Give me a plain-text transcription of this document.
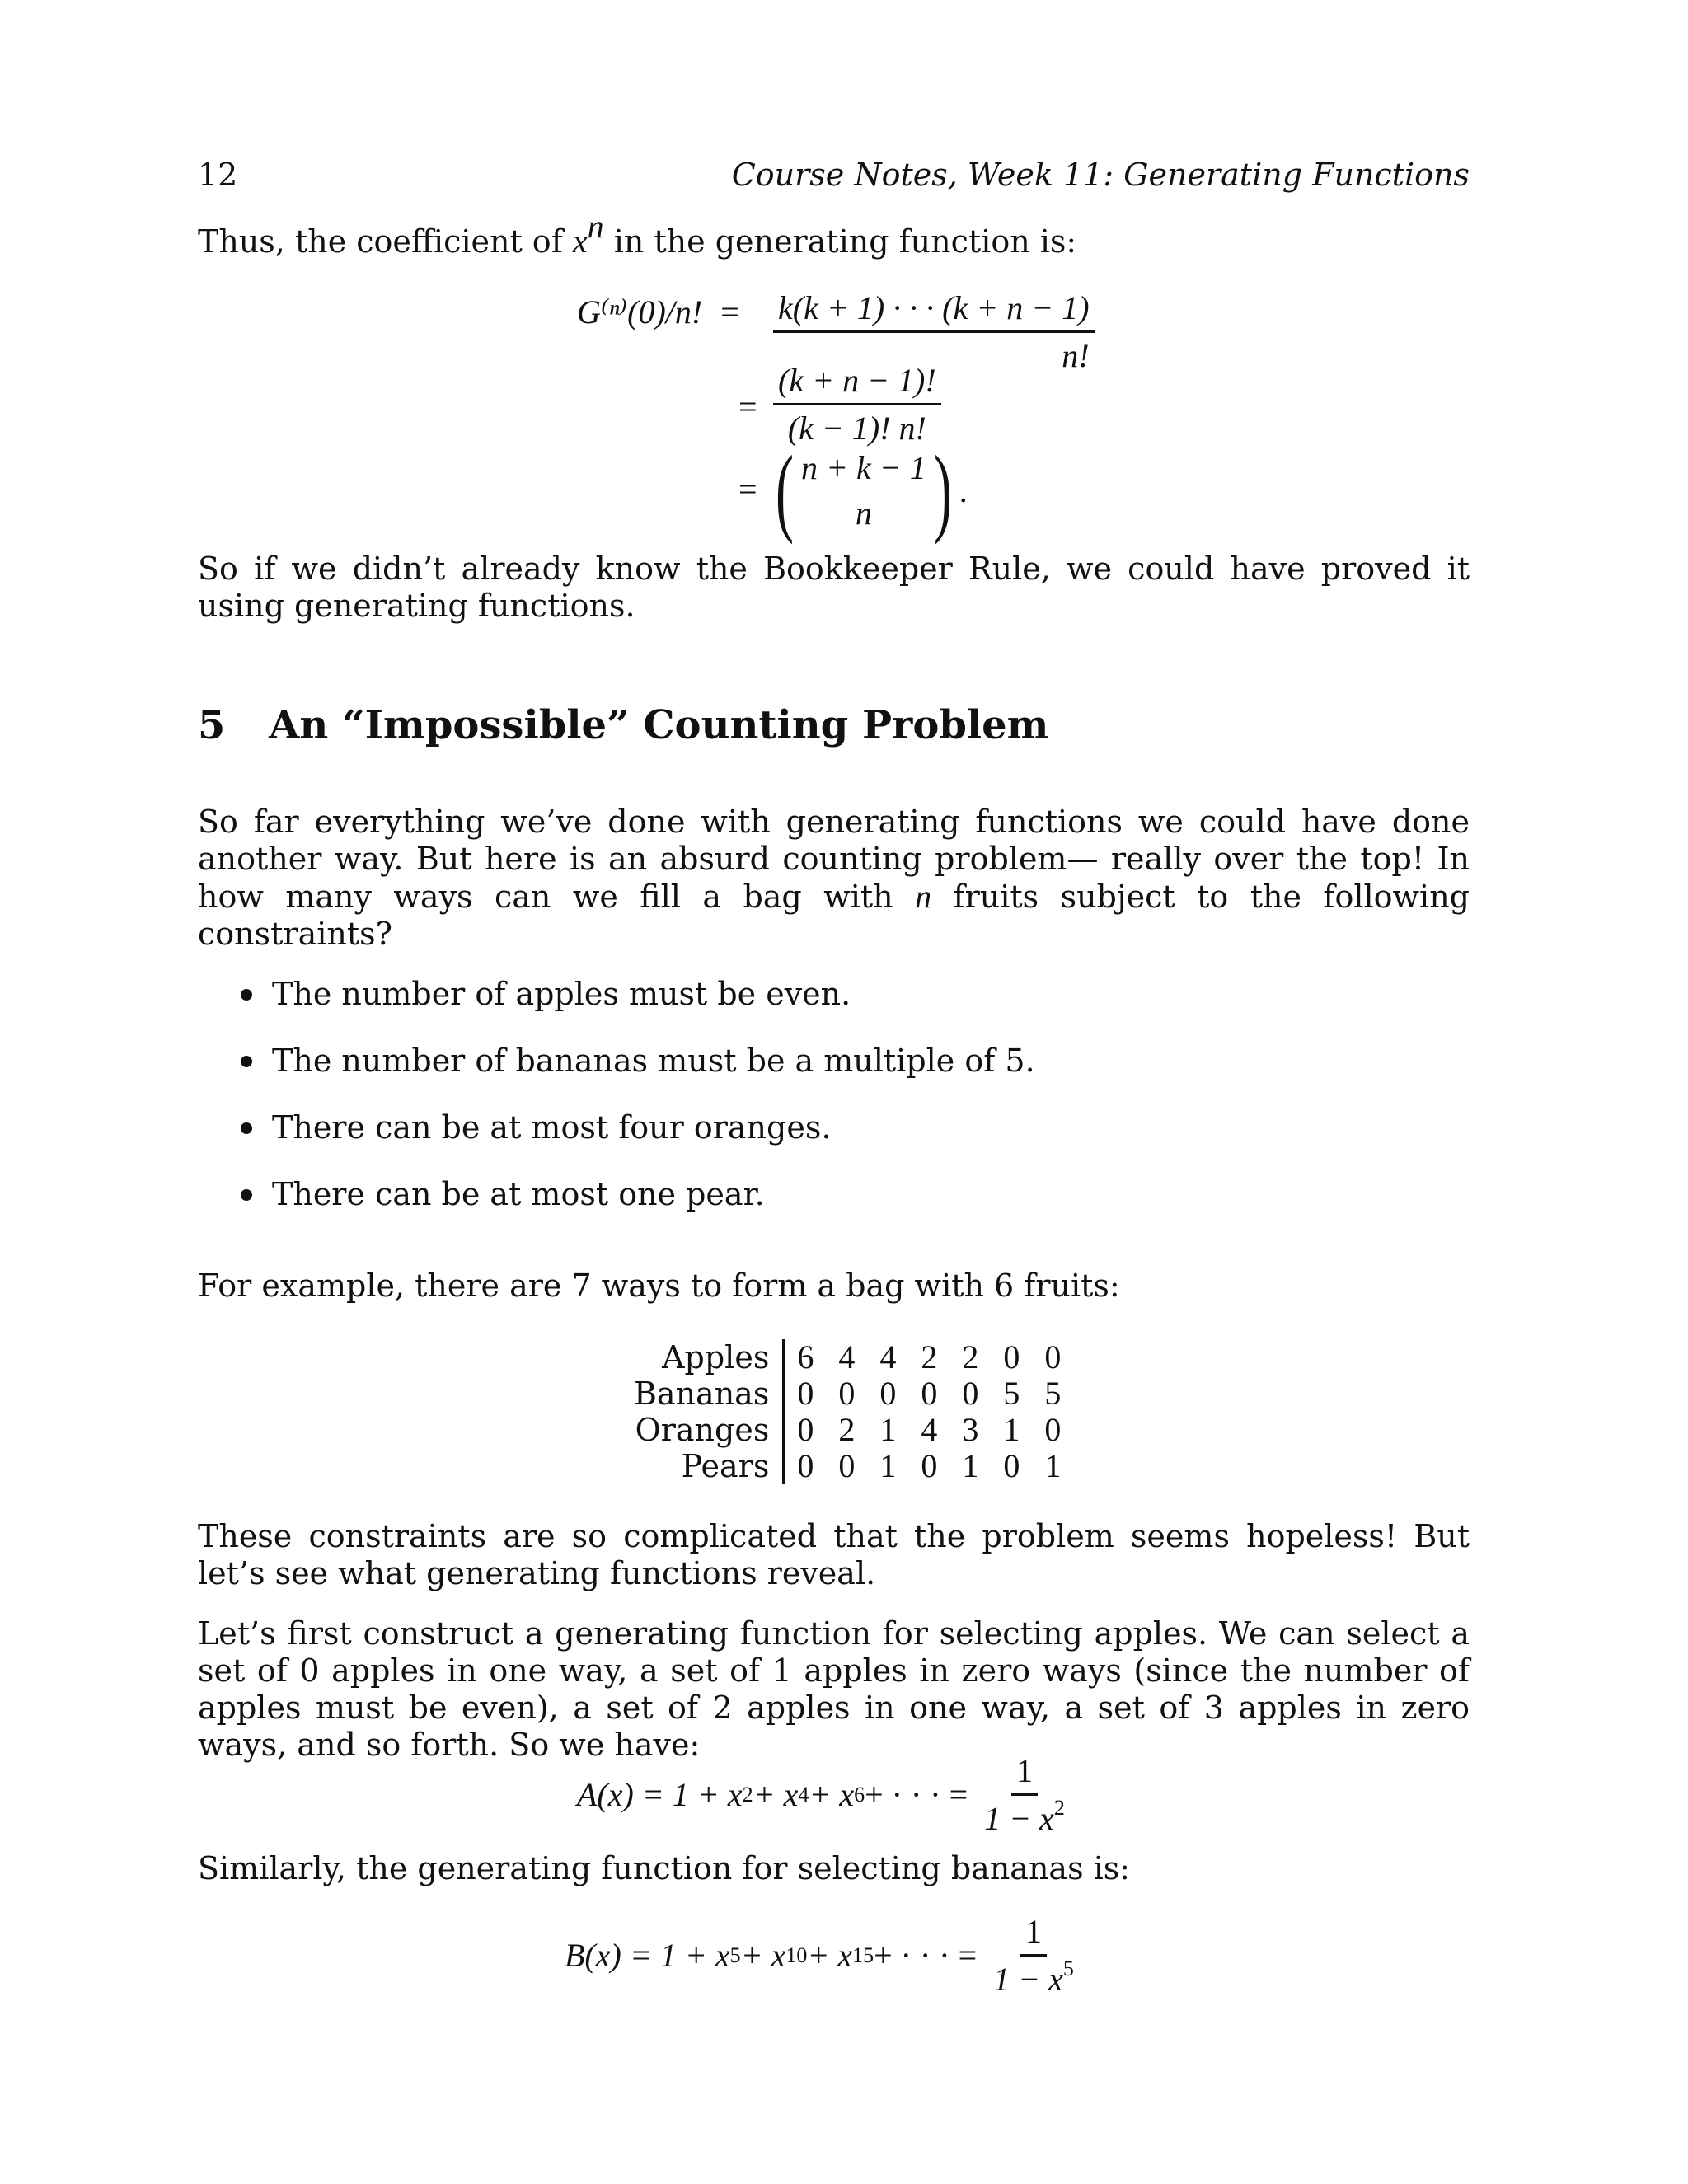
12	Course Notes, Week 11: Generating Functions

Thus, the coefficient of $x^n$ in the generating function is:

G⁽ⁿ⁾(0)/n! = $\frac{k(k + 1) \cdot \cdot \cdot (k + n - 1)}{n!}$
= $\frac{(k + n - 1)!}{(k - 1)! n!}$
= ( n + k − 1
n ) .

So if we didn’t already know the Bookkeeper Rule, we could have proved it using generating functions.

5 An “Impossible” Counting Problem

So far everything we’ve done with generating functions we could have done another way. But here is an absurd counting problem— really over the top! In how many ways can we fill a bag with n fruits subject to the following constraints?

The number of apples must be even.
The number of bananas must be a multiple of 5.
There can be at most four oranges.
There can be at most one pear.

For example, there are 7 ways to form a bag with 6 fruits:

Apples	6	4	4	2	2	0	0
Bananas	0	0	0	0	0	5	5
Oranges	0	2	1	4	3	1	0
Pears	0	0	1	0	1	0	1

These constraints are so complicated that the problem seems hopeless! But let’s see what generating functions reveal.

Let’s first construct a generating function for selecting apples. We can select a set of 0 apples in one way, a set of 1 apples in zero ways (since the number of apples must be even), a set of 2 apples in one way, a set of 3 apples in zero ways, and so forth. So we have:

A(x) = 1 + x 2 + x 4 + x 6 + · · · = $\frac{1}{1 - x^2}$

Similarly, the generating function for selecting bananas is:

B(x) = 1 + x 5 + x 10 + x 15 + · · · = $\frac{1}{1 - x^5}$
